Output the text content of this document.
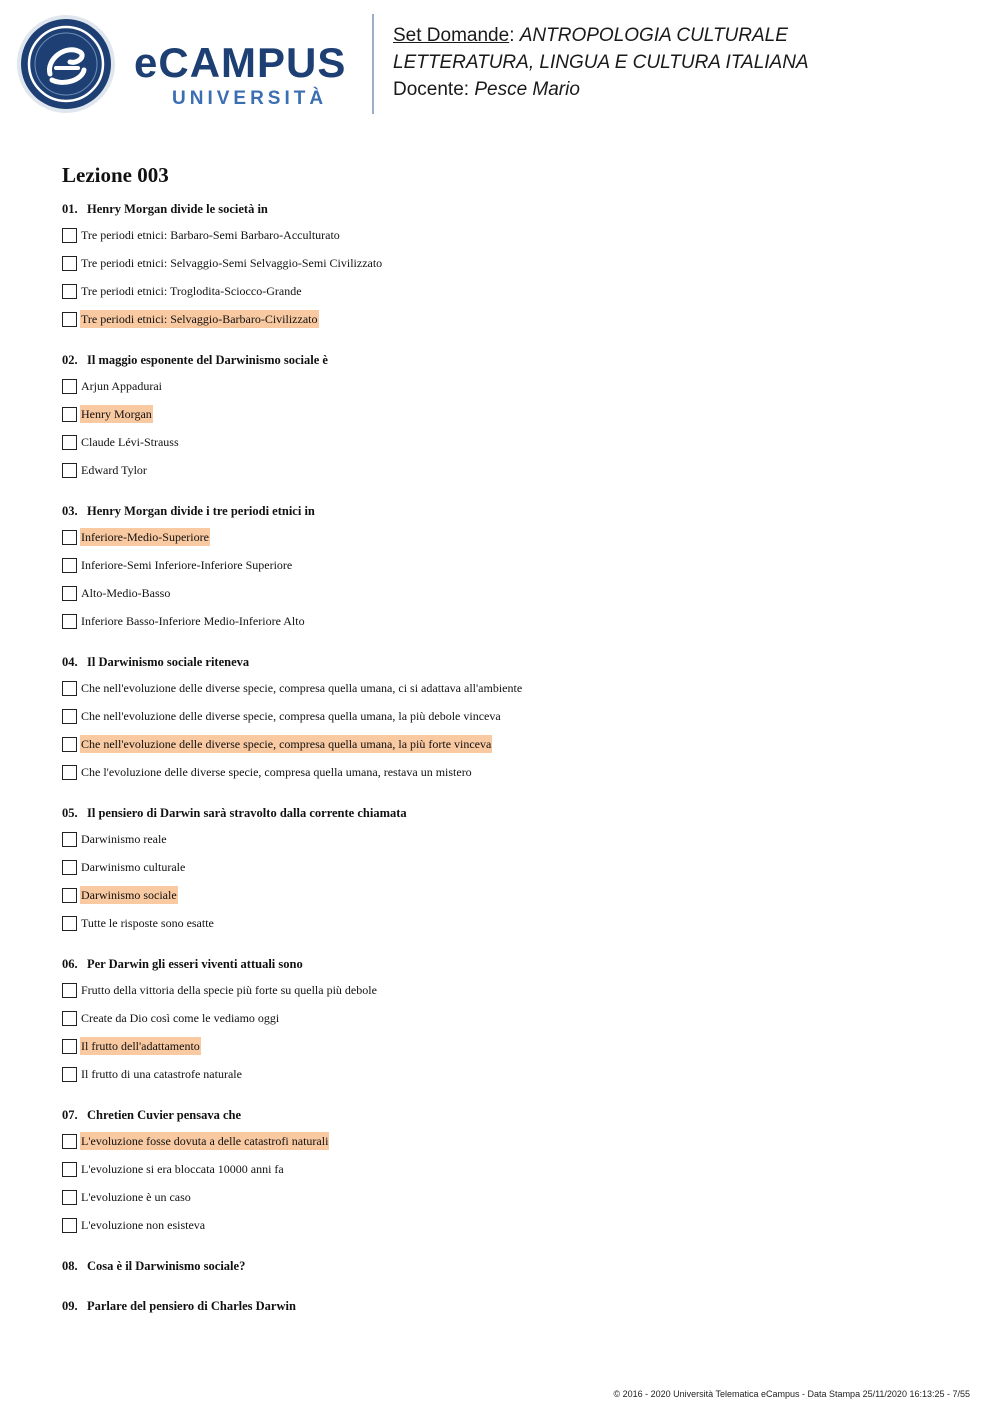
eCAMPUS
UNIVERSITÀ
Set Domande: ANTROPOLOGIA CULTURALE
LETTERATURA, LINGUA E CULTURA ITALIANA
Docente: Pesce Mario
Lezione 003
01. Henry Morgan divide le società in
Tre periodi etnici: Barbaro-Semi Barbaro-Acculturato
Tre periodi etnici: Selvaggio-Semi Selvaggio-Semi Civilizzato
Tre periodi etnici: Troglodita-Sciocco-Grande
Tre periodi etnici: Selvaggio-Barbaro-Civilizzato
02. Il maggio esponente del Darwinismo sociale è
Arjun Appadurai
Henry Morgan
Claude Lévi-Strauss
Edward Tylor
03. Henry Morgan divide i tre periodi etnici in
Inferiore-Medio-Superiore
Inferiore-Semi Inferiore-Inferiore Superiore
Alto-Medio-Basso
Inferiore Basso-Inferiore Medio-Inferiore Alto
04. Il Darwinismo sociale riteneva
Che nell'evoluzione delle diverse specie, compresa quella umana, ci si adattava all'ambiente
Che nell'evoluzione delle diverse specie, compresa quella umana, la più debole vinceva
Che nell'evoluzione delle diverse specie, compresa quella umana, la più forte vinceva
Che l'evoluzione delle diverse specie, compresa quella umana, restava un mistero
05. Il pensiero di Darwin sarà stravolto dalla corrente chiamata
Darwinismo reale
Darwinismo culturale
Darwinismo sociale
Tutte le risposte sono esatte
06. Per Darwin gli esseri viventi attuali sono
Frutto della vittoria della specie più forte su quella più debole
Create da Dio così come le vediamo oggi
Il frutto dell'adattamento
Il frutto di una catastrofe naturale
07. Chretien Cuvier pensava che
L'evoluzione fosse dovuta a delle catastrofi naturali
L'evoluzione si era bloccata 10000 anni fa
L'evoluzione è un caso
L'evoluzione non esisteva
08. Cosa è il Darwinismo sociale?
09. Parlare del pensiero di Charles Darwin
© 2016 - 2020 Università Telematica eCampus - Data Stampa 25/11/2020 16:13:25 - 7/55
